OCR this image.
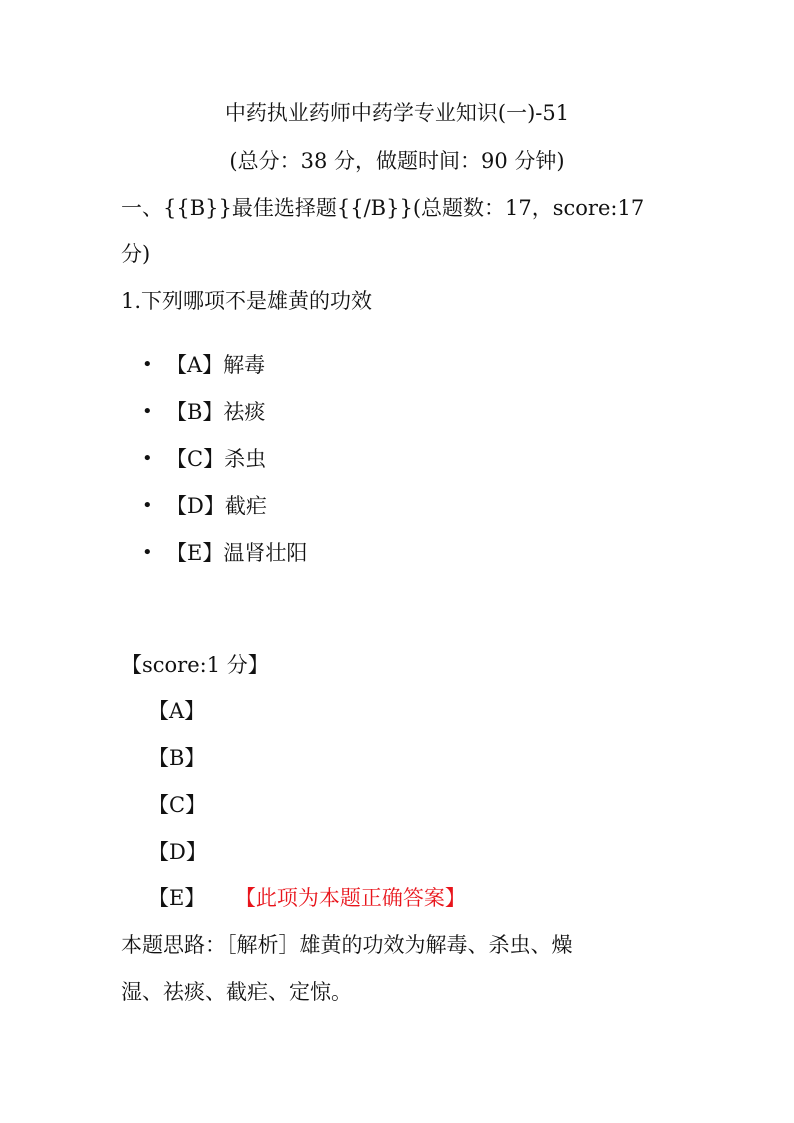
中药执业药师中药学专业知识(一)-51
(总分：38 分，做题时间：90 分钟)
一、{{B}}最佳选择题{{/B}}(总题数：17，score:17
分)
1.下列哪项不是雄黄的功效
• 【A】解毒
• 【B】祛痰
• 【C】杀虫
• 【D】截疟
• 【E】温肾壮阳
【score:1 分】
【A】
【B】
【C】
【D】
【E】 【此项为本题正确答案】
本题思路：［解析］雄黄的功效为解毒、杀虫、燥
湿、祛痰、截疟、定惊。
